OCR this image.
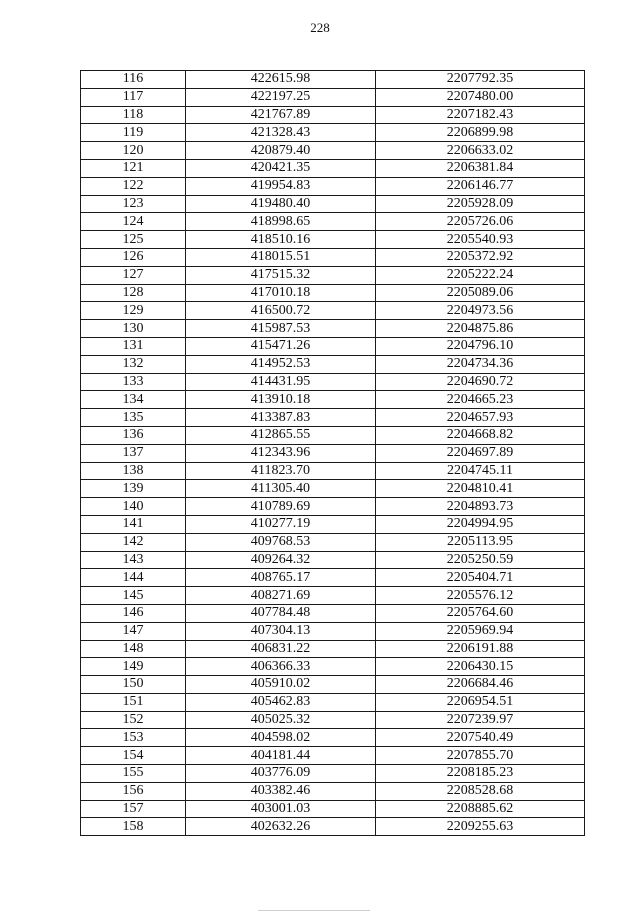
228
116	422615.98	2207792.35
117	422197.25	2207480.00
118	421767.89	2207182.43
119	421328.43	2206899.98
120	420879.40	2206633.02
121	420421.35	2206381.84
122	419954.83	2206146.77
123	419480.40	2205928.09
124	418998.65	2205726.06
125	418510.16	2205540.93
126	418015.51	2205372.92
127	417515.32	2205222.24
128	417010.18	2205089.06
129	416500.72	2204973.56
130	415987.53	2204875.86
131	415471.26	2204796.10
132	414952.53	2204734.36
133	414431.95	2204690.72
134	413910.18	2204665.23
135	413387.83	2204657.93
136	412865.55	2204668.82
137	412343.96	2204697.89
138	411823.70	2204745.11
139	411305.40	2204810.41
140	410789.69	2204893.73
141	410277.19	2204994.95
142	409768.53	2205113.95
143	409264.32	2205250.59
144	408765.17	2205404.71
145	408271.69	2205576.12
146	407784.48	2205764.60
147	407304.13	2205969.94
148	406831.22	2206191.88
149	406366.33	2206430.15
150	405910.02	2206684.46
151	405462.83	2206954.51
152	405025.32	2207239.97
153	404598.02	2207540.49
154	404181.44	2207855.70
155	403776.09	2208185.23
156	403382.46	2208528.68
157	403001.03	2208885.62
158	402632.26	2209255.63
